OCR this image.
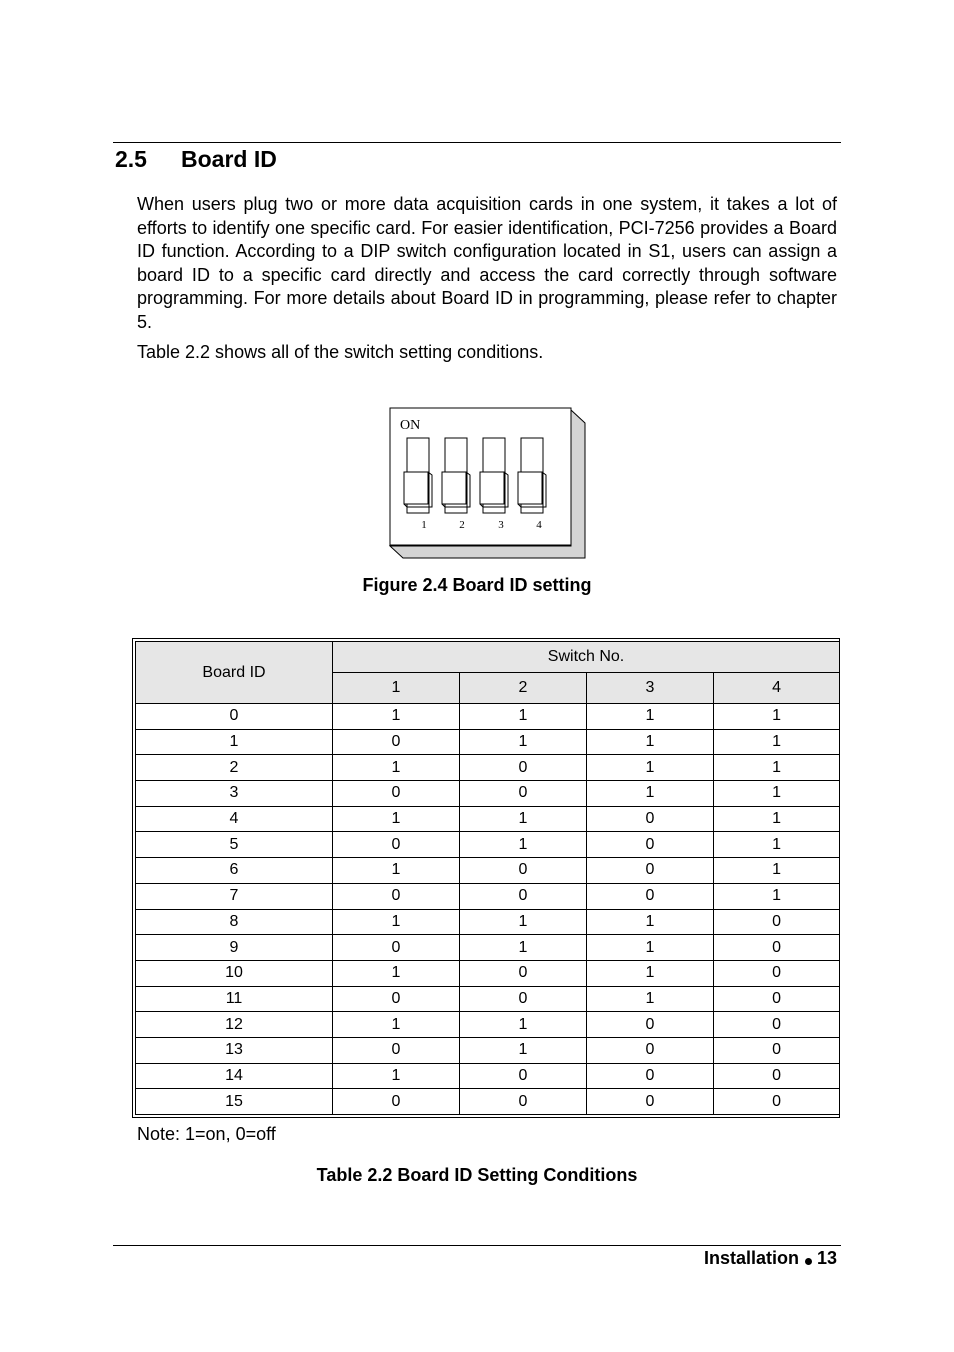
2.5 Board ID

When users plug two or more data acquisition cards in one system, it takes a lot of efforts to identify one specific card. For easier identification, PCI-7256 provides a Board ID function. According to a DIP switch configuration located in S1, users can assign a board ID to a specific card directly and access the card correctly through software programming. For more details about Board ID in programming, please refer to chapter 5.

Table 2.2 shows all of the switch setting conditions.

ON
1	2	3	4
Figure 2.4 Board ID setting
Board ID	Switch No.			
	1	2	3	4
0	1	1	1	1
1	0	1	1	1
2	1	0	1	1
3	0	0	1	1
4	1	1	0	1
5	0	1	0	1
6	1	0	0	1
7	0	0	0	1
8	1	1	1	0
9	0	1	1	0
10	1	0	1	0
11	0	0	1	0
12	1	1	0	0
13	0	1	0	0
14	1	0	0	0
15	0	0	0	0
Note: 1=on, 0=off
Table 2.2 Board ID Setting Conditions
Installation 13
